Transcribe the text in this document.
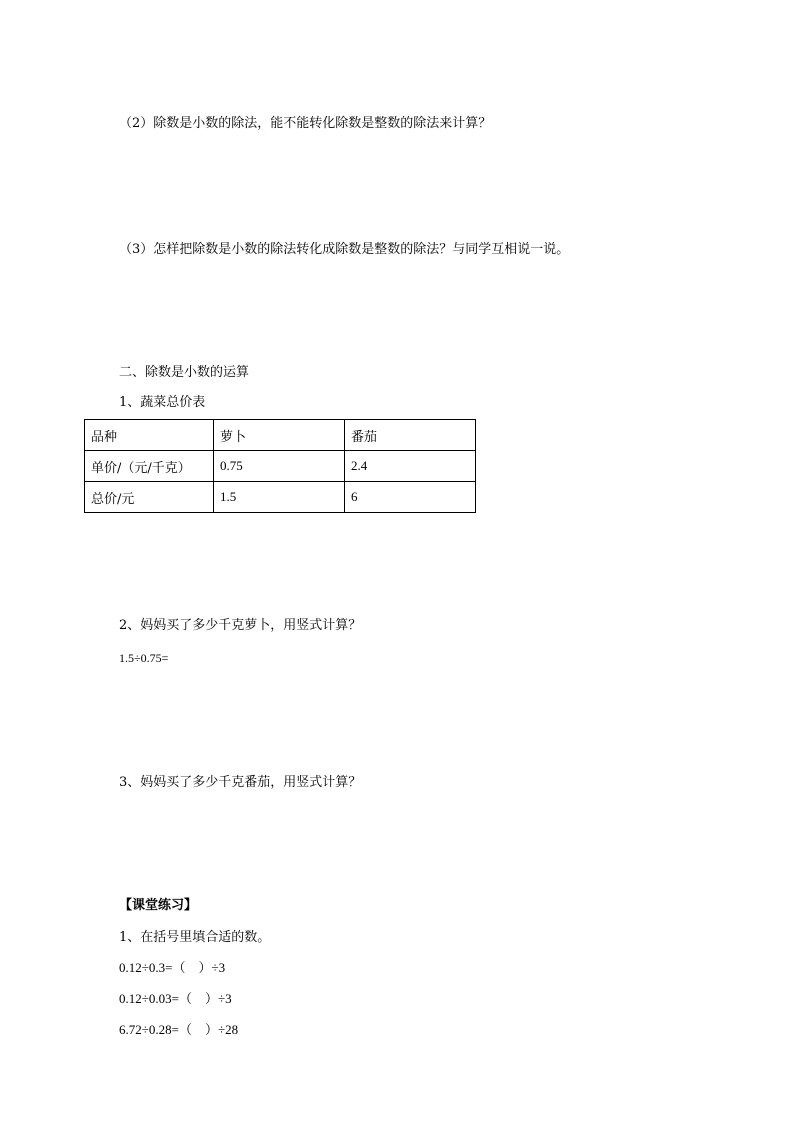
（2）除数是小数的除法，能不能转化除数是整数的除法来计算？
（3）怎样把除数是小数的除法转化成除数是整数的除法？与同学互相说一说。
二、除数是小数的运算
1、蔬菜总价表
品种	萝卜	番茄
单价/（元/千克）	0.75	2.4
总价/元	1.5	6
2、妈妈买了多少千克萝卜，用竖式计算？
1.5÷0.75=
3、妈妈买了多少千克番茄，用竖式计算？
【课堂练习】
1、在括号里填合适的数。
0.12÷0.3=（　）÷3
0.12÷0.03=（　）÷3
6.72÷0.28=（　）÷28
